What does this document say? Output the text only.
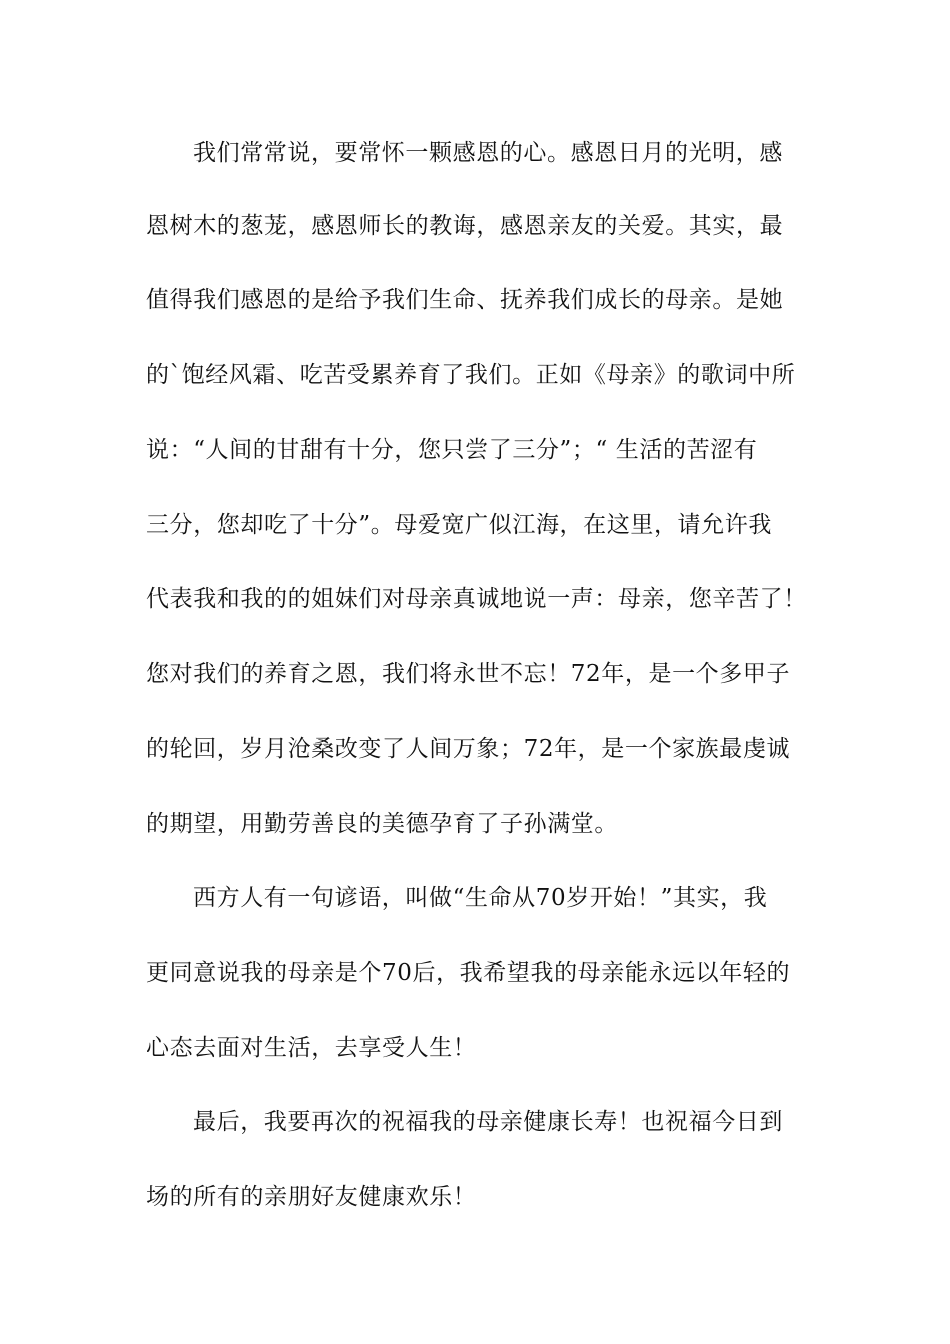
我们常常说，要常怀一颗感恩的心。感恩日月的光明，感
恩树木的葱茏，感恩师长的教诲，感恩亲友的关爱。其实，最
值得我们感恩的是给予我们生命、抚养我们成长的母亲。是她
的`饱经风霜、吃苦受累养育了我们。正如《母亲》的歌词中所
说：“人间的甘甜有十分，您只尝了三分”；“ 生活的苦涩有
三分，您却吃了十分”。母爱宽广似江海，在这里，请允许我
代表我和我的的姐妹们对母亲真诚地说一声：母亲，您辛苦了！
您对我们的养育之恩，我们将永世不忘！72年，是一个多甲子
的轮回，岁月沧桑改变了人间万象；72年，是一个家族最虔诚
的期望，用勤劳善良的美德孕育了子孙满堂。
西方人有一句谚语，叫做“生命从70岁开始！”其实，我
更同意说我的母亲是个70后，我希望我的母亲能永远以年轻的
心态去面对生活，去享受人生！
最后，我要再次的祝福我的母亲健康长寿！也祝福今日到
场的所有的亲朋好友健康欢乐！
